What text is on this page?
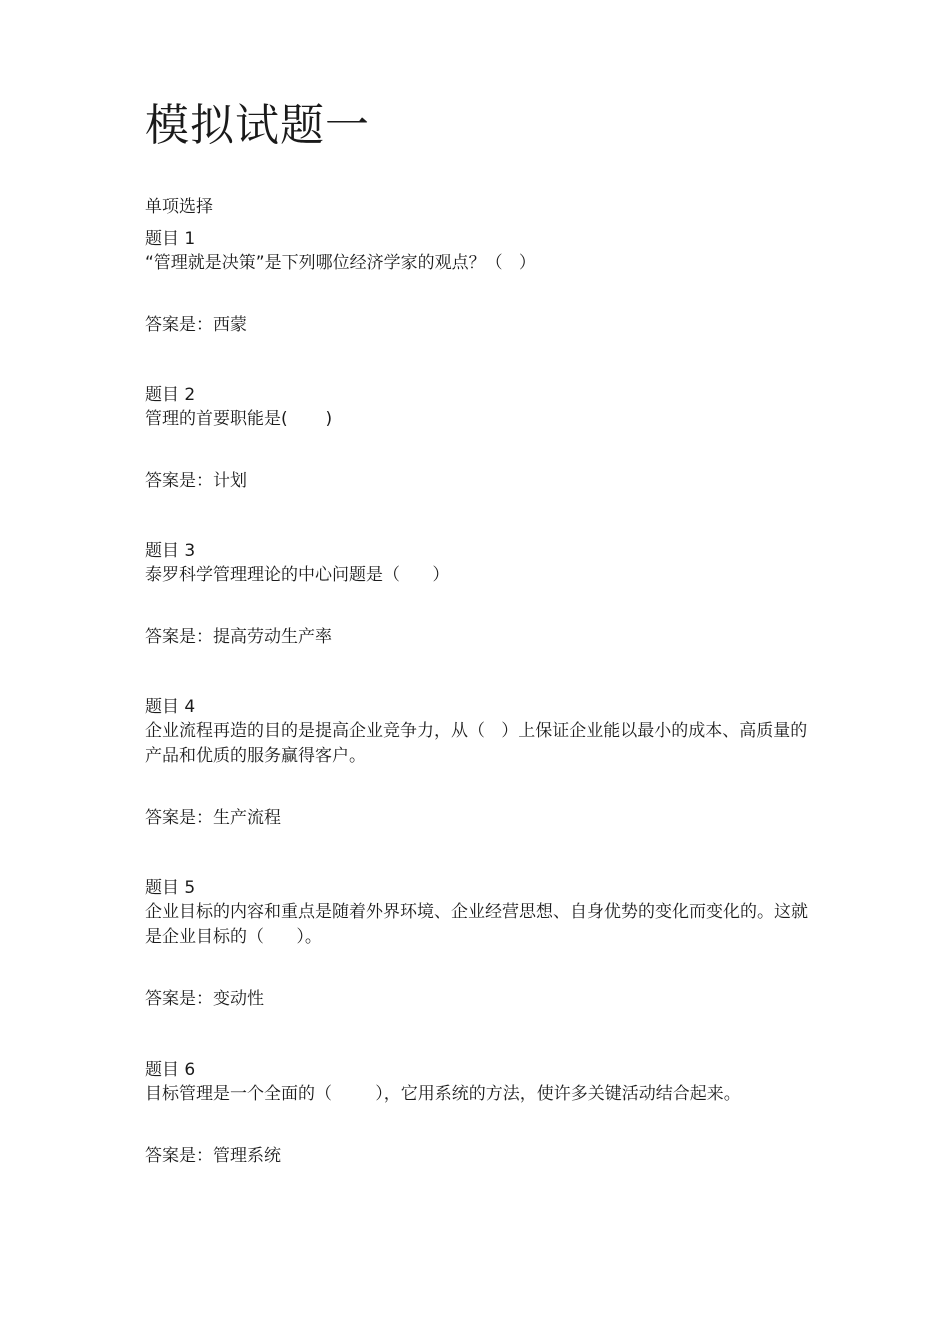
模拟试题一
单项选择
题目 1
“管理就是决策”是下列哪位经济学家的观点？（   ）
答案是：西蒙
题目 2
管理的首要职能是(       )
答案是：计划
题目 3
泰罗科学管理理论的中心问题是（      ）
答案是：提高劳动生产率
题目 4
企业流程再造的目的是提高企业竞争力，从（   ）上保证企业能以最小的成本、高质量的产品和优质的服务赢得客户。
答案是：生产流程
题目 5
企业目标的内容和重点是随着外界环境、企业经营思想、自身优势的变化而变化的。这就是企业目标的（      ）。
答案是：变动性
题目 6
目标管理是一个全面的（        ），它用系统的方法，使许多关键活动结合起来。
答案是：管理系统
